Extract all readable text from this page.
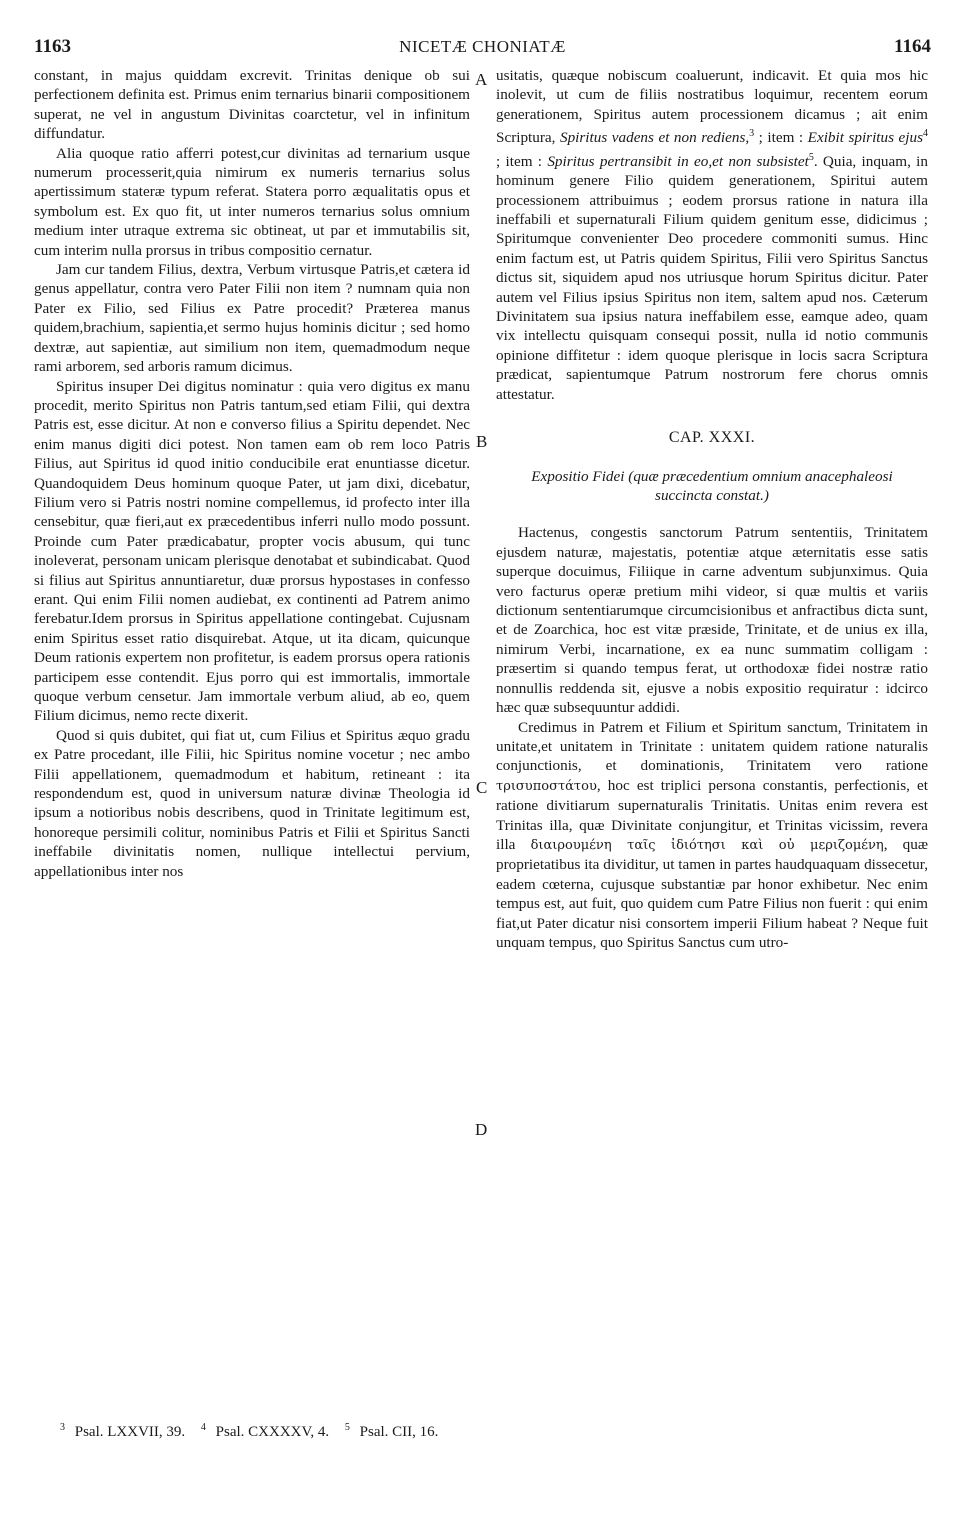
1163	NICETÆ CHONIATÆ	1164
A
B
C
D

constant, in majus quiddam excrevit. Trinitas denique ob sui perfectionem definita est. Primus enim ternarius binarii compositionem superat, ne vel in angustum Divinitas coarctetur, vel in infinitum diffundatur.

Alia quoque ratio afferri potest,cur divinitas ad ternarium usque numerum processerit,quia nimirum ex numeris ternarius solus apertissimum stateræ typum referat. Statera porro æqualitatis opus et symbolum est. Ex quo fit, ut inter numeros ternarius solus omnium medium inter utraque extrema sic obtineat, ut par et immutabilis sit, cum interim nulla prorsus in tribus compositio cernatur.

Jam cur tandem Filius, dextra, Verbum virtusque Patris,et cætera id genus appellatur, contra vero Pater Filii non item ? numnam quia non Pater ex Filio, sed Filius ex Patre procedit? Præterea manus quidem,brachium, sapientia,et sermo hujus hominis dicitur ; sed homo dextræ, aut sapientiæ, aut similium non item, quemadmodum neque rami arborem, sed arboris ramum dicimus.

Spiritus insuper Dei digitus nominatur : quia vero digitus ex manu procedit, merito Spiritus non Patris tantum,sed etiam Filii, qui dextra Patris est, esse dicitur. At non e converso filius a Spiritu dependet. Nec enim manus digiti dici potest. Non tamen eam ob rem loco Patris Filius, aut Spiritus id quod initio conducibile erat enuntiasse dicetur. Quandoquidem Deus hominum quoque Pater, ut jam dixi, dicebatur, Filium vero si Patris nostri nomine compellemus, id profecto inter illa censebitur, quæ fieri,aut ex præcedentibus inferri nullo modo possunt. Proinde cum Pater prædicabatur, propter vocis abusum, qui tunc inoleverat, personam unicam plerisque denotabat et subindicabat. Quod si filius aut Spiritus annuntiaretur, duæ prorsus hypostases in confesso erant. Qui enim Filii nomen audiebat, ex continenti ad Patrem animo ferebatur.Idem prorsus in Spiritus appellatione contingebat. Cujusnam enim Spiritus esset ratio disquirebat. Atque, ut ita dicam, quicunque Deum rationis expertem non profitetur, is eadem prorsus opera rationis participem esse contendit. Ejus porro qui est immortalis, immortale quoque verbum censetur. Jam immortale verbum aliud, ab eo, quem Filium dicimus, nemo recte dixerit.

Quod si quis dubitet, qui fiat ut, cum Filius et Spiritus æquo gradu ex Patre procedant, ille Filii, hic Spiritus nomine vocetur ; nec ambo Filii appellationem, quemadmodum et habitum, retineant : ita respondendum est, quod in universum naturæ divinæ Theologia id ipsum a notioribus nobis describens, quod in Trinitate legitimum est, honoreque persimili colitur, nominibus Patris et Filii et Spiritus Sancti ineffabile divinitatis nomen, nullique intellectui pervium, appellationibus inter nos

usitatis, quæque nobiscum coaluerunt, indicavit. Et quia mos hic inolevit, ut cum de filiis nostratibus loquimur, recentem eorum generationem, Spiritus autem processionem dicamus ; ait enim Scriptura, Spiritus vadens et non rediens,$^3$ ; item : Exibit spiritus ejus$^4$ ; item : Spiritus pertransibit in eo,et non subsistet$^5$. Quia, inquam, in hominum genere Filio quidem generationem, Spiritui autem processionem attribuimus ; eodem prorsus ratione in natura illa ineffabili et supernaturali Filium quidem genitum esse, didicimus ; Spiritumque convenienter Deo procedere commoniti sumus. Hinc enim factum est, ut Patris quidem Spiritus, Filii vero Spiritus Sanctus dictus sit, siquidem apud nos utriusque horum Spiritus dicitur. Pater autem vel Filius ipsius Spiritus non item, saltem apud nos. Cæterum Divinitatem sua ipsius natura ineffabilem esse, eamque adeo, quam vix intellectu quisquam consequi possit, nulla id notio communis opinione diffitetur : idem quoque plerisque in locis sacra Scriptura prædicat, sapientumque Patrum nostrorum fere chorus omnis attestatur.

CAP. XXXI.
Expositio Fidei (quæ præcedentium omnium anacephaleosi succincta constat.)

Hactenus, congestis sanctorum Patrum sententiis, Trinitatem ejusdem naturæ, majestatis, potentiæ atque æternitatis esse satis superque docuimus, Filiique in carne adventum subjunximus. Quia vero facturus operæ pretium mihi videor, si quæ multis et variis dictionum sententiarumque circumcisionibus et anfractibus dicta sunt, et de Zoarchica, hoc est vitæ præside, Trinitate, et de unius ex illa, nimirum Verbi, incarnatione, ex ea nunc summatim colligam : præsertim si quando tempus ferat, ut orthodoxæ fidei nostræ ratio nonnullis reddenda sit, ejusve a nobis expositio requiratur : idcirco hæc quæ subsequuntur addidi.

Credimus in Patrem et Filium et Spiritum sanctum, Trinitatem in unitate,et unitatem in Trinitate : unitatem quidem ratione naturalis conjunctionis, et dominationis, Trinitatem vero ratione τρισυποστάτου, hoc est triplici persona constantis, perfectionis, et ratione divitiarum supernaturalis Trinitatis. Unitas enim revera est Trinitas illa, quæ Divinitate conjungitur, et Trinitas vicissim, revera illa διαιρουμένη ταῖς ἰδιότησι καὶ οὐ μεριζομένη, quæ proprietatibus ita dividitur, ut tamen in partes haudquaquam dissecetur, eadem cœterna, cujusque substantiæ par honor exhibetur. Nec enim tempus est, aut fuit, quo quidem cum Patre Filius non fuerit : qui enim fiat,ut Pater dicatur nisi consortem imperii Filium habeat ? Neque fuit unquam tempus, quo Spiritus Sanctus cum utro-

$^3$ Psal. LXXVII, 39. $^4$ Psal. CXXXXV, 4. $^5$ Psal. CII, 16.
